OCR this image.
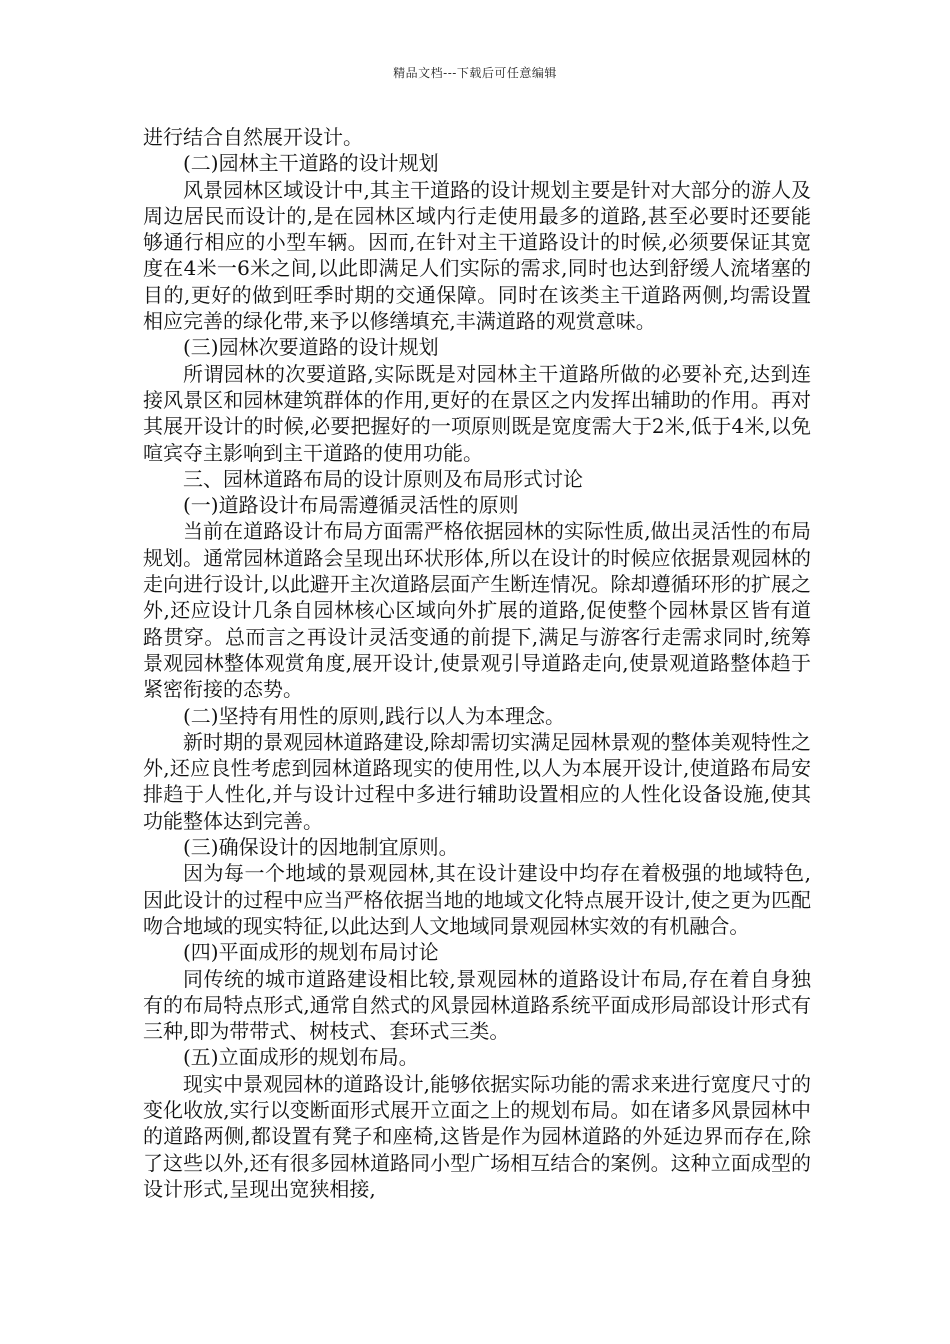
精品文档---下载后可任意编辑

进行结合自然展开设计。

(二)园林主干道路的设计规划

风景园林区域设计中,其主干道路的设计规划主要是针对大部分的游人及周边居民而设计的,是在园林区域内行走使用最多的道路,甚至必要时还要能够通行相应的小型车辆。因而,在针对主干道路设计的时候,必须要保证其宽度在4米一6米之间,以此即满足人们实际的需求,同时也达到舒缓人流堵塞的目的,更好的做到旺季时期的交通保障。同时在该类主干道路两侧,均需设置相应完善的绿化带,来予以修缮填充,丰满道路的观赏意味。

(三)园林次要道路的设计规划

所谓园林的次要道路,实际既是对园林主干道路所做的必要补充,达到连接风景区和园林建筑群体的作用,更好的在景区之内发挥出辅助的作用。再对其展开设计的时候,必要把握好的一项原则既是宽度需大于2米,低于4米,以免喧宾夺主影响到主干道路的使用功能。

三、园林道路布局的设计原则及布局形式讨论

(一)道路设计布局需遵循灵活性的原则

当前在道路设计布局方面需严格依据园林的实际性质,做出灵活性的布局规划。通常园林道路会呈现出环状形体,所以在设计的时候应依据景观园林的走向进行设计,以此避开主次道路层面产生断连情况。除却遵循环形的扩展之外,还应设计几条自园林核心区域向外扩展的道路,促使整个园林景区皆有道路贯穿。总而言之再设计灵活变通的前提下,满足与游客行走需求同时,统筹景观园林整体观赏角度,展开设计,使景观引导道路走向,使景观道路整体趋于紧密衔接的态势。

(二)坚持有用性的原则,践行以人为本理念。

新时期的景观园林道路建设,除却需切实满足园林景观的整体美观特性之外,还应良性考虑到园林道路现实的使用性,以人为本展开设计,使道路布局安排趋于人性化,并与设计过程中多进行辅助设置相应的人性化设备设施,使其功能整体达到完善。

(三)确保设计的因地制宜原则。

因为每一个地域的景观园林,其在设计建设中均存在着极强的地域特色,因此设计的过程中应当严格依据当地的地域文化特点展开设计,使之更为匹配吻合地域的现实特征,以此达到人文地域同景观园林实效的有机融合。

(四)平面成形的规划布局讨论

同传统的城市道路建设相比较,景观园林的道路设计布局,存在着自身独有的布局特点形式,通常自然式的风景园林道路系统平面成形局部设计形式有三种,即为带带式、树枝式、套环式三类。

(五)立面成形的规划布局。

现实中景观园林的道路设计,能够依据实际功能的需求来进行宽度尺寸的变化收放,实行以变断面形式展开立面之上的规划布局。如在诸多风景园林中的道路两侧,都设置有凳子和座椅,这皆是作为园林道路的外延边界而存在,除了这些以外,还有很多园林道路同小型广场相互结合的案例。这种立面成型的设计形式,呈现出宽狭相接,
